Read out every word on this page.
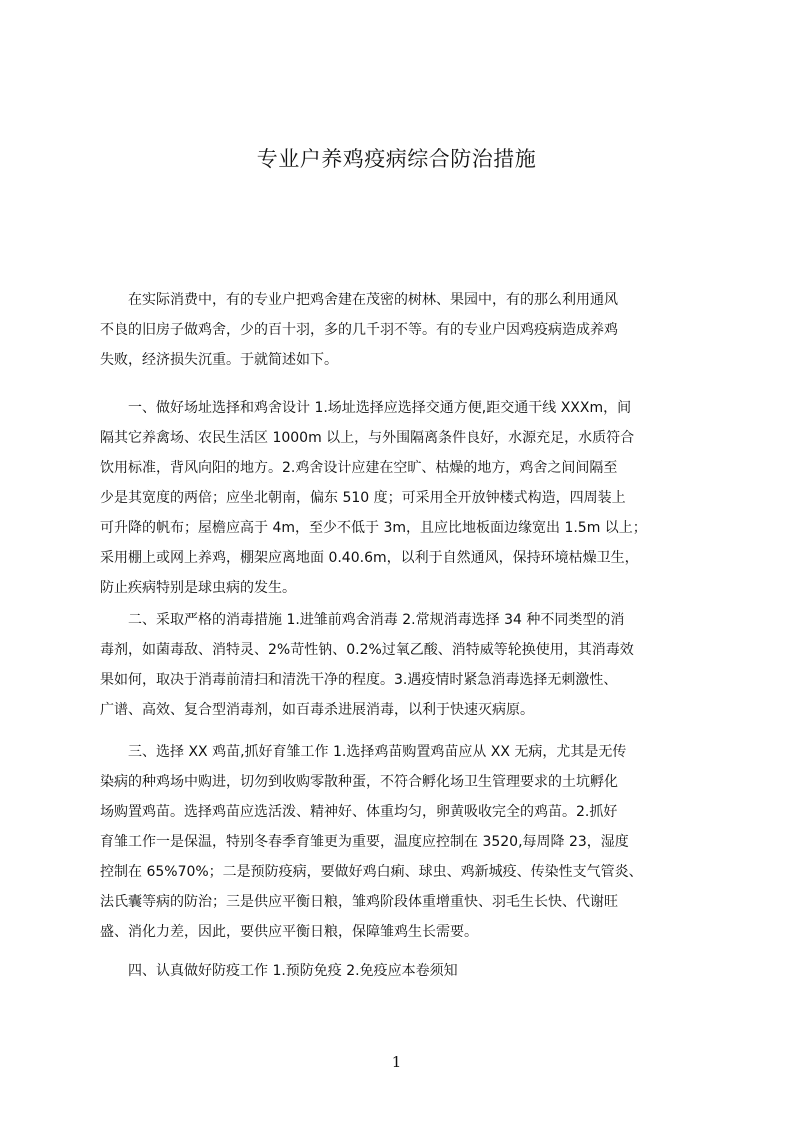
专业户养鸡疫病综合防治措施
　　在实际消费中，有的专业户把鸡舍建在茂密的树林、果园中，有的那么利用通风
不良的旧房子做鸡舍，少的百十羽，多的几千羽不等。有的专业户因鸡疫病造成养鸡
失败，经济损失沉重。于就简述如下。
　　一、做好场址选择和鸡舍设计 1.场址选择应选择交通方便,距交通干线 XXXm，间
隔其它养禽场、农民生活区 1000m 以上，与外围隔离条件良好，水源充足，水质符合
饮用标准，背风向阳的地方。2.鸡舍设计应建在空旷、枯燥的地方，鸡舍之间间隔至
少是其宽度的两倍；应坐北朝南，偏东 510 度；可采用全开放钟楼式构造，四周装上
可升降的帆布；屋檐应高于 4m，至少不低于 3m，且应比地板面边缘宽出 1.5m 以上；
采用棚上或网上养鸡，棚架应离地面 0.40.6m，以利于自然通风，保持环境枯燥卫生，
防止疾病特别是球虫病的发生。
　　二、采取严格的消毒措施 1.进雏前鸡舍消毒 2.常规消毒选择 34 种不同类型的消
毒剂，如菌毒敌、消特灵、2%苛性钠、0.2%过氧乙酸、消特威等轮换使用，其消毒效
果如何，取决于消毒前清扫和清洗干净的程度。3.遇疫情时紧急消毒选择无刺激性、
广谱、高效、复合型消毒剂，如百毒杀进展消毒，以利于快速灭病原。
　　三、选择 XX 鸡苗,抓好育雏工作 1.选择鸡苗购置鸡苗应从 XX 无病，尤其是无传
染病的种鸡场中购进，切勿到收购零散种蛋，不符合孵化场卫生管理要求的土坑孵化
场购置鸡苗。选择鸡苗应选活泼、精神好、体重均匀，卵黄吸收完全的鸡苗。2.抓好
育雏工作一是保温，特别冬春季育雏更为重要，温度应控制在 3520,每周降 23，湿度
控制在 65%70%；二是预防疫病，要做好鸡白痢、球虫、鸡新城疫、传染性支气管炎、
法氏囊等病的防治；三是供应平衡日粮，雏鸡阶段体重增重快、羽毛生长快、代谢旺
盛、消化力差，因此，要供应平衡日粮，保障雏鸡生长需要。
　　四、认真做好防疫工作 1.预防免疫 2.免疫应本卷须知
1
